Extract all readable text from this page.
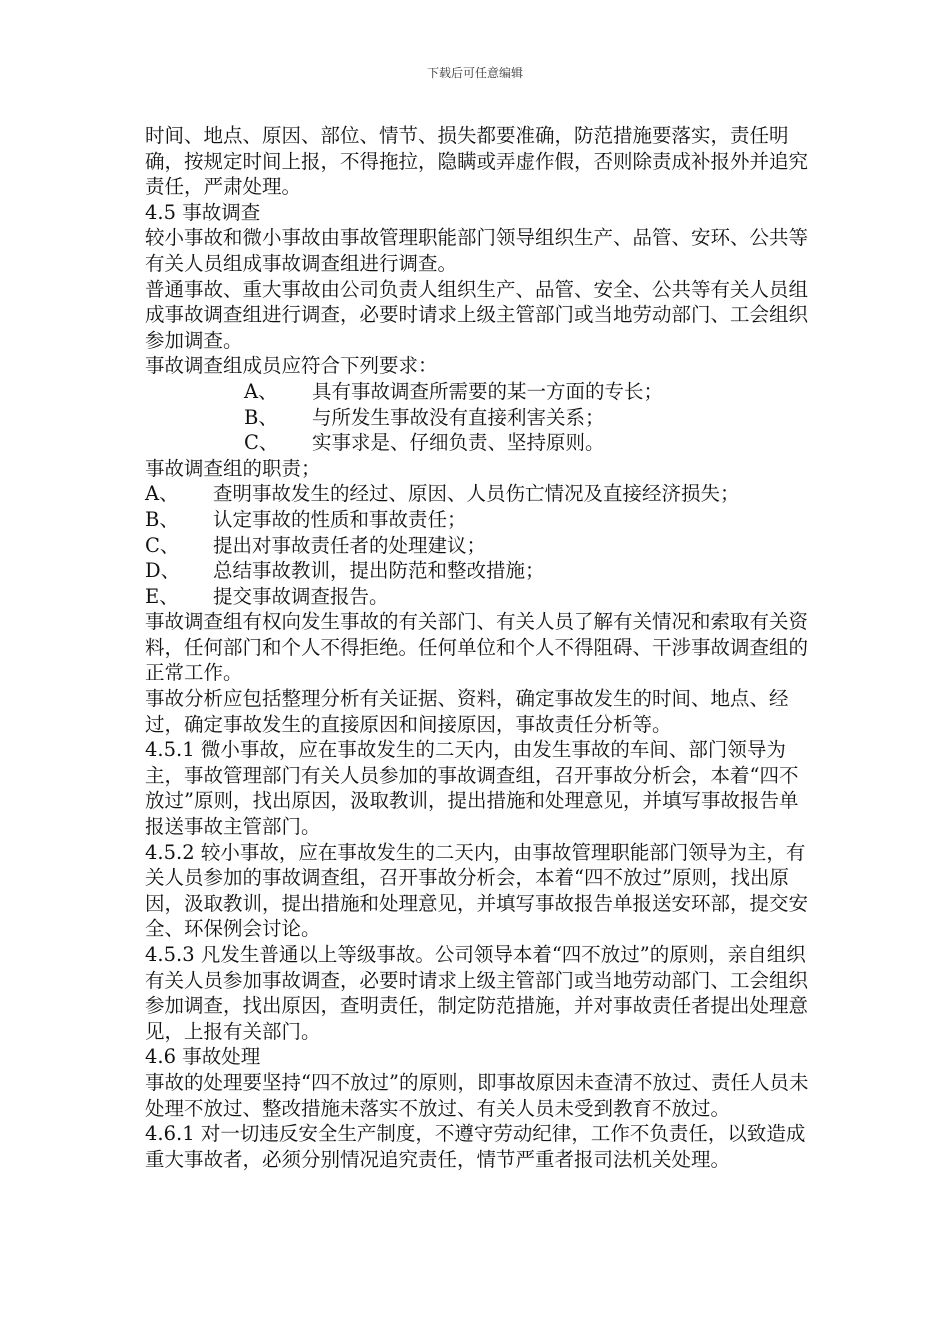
下载后可任意编辑

时间、地点、原因、部位、情节、损失都要准确，防范措施要落实，责任明确，按规定时间上报，不得拖拉，隐瞒或弄虚作假，否则除责成补报外并追究责任，严肃处理。

4.5 事故调查

较小事故和微小事故由事故管理职能部门领导组织生产、品管、安环、公共等有关人员组成事故调查组进行调查。

普通事故、重大事故由公司负责人组织生产、品管、安全、公共等有关人员组成事故调查组进行调查，必要时请求上级主管部门或当地劳动部门、工会组织参加调查。

事故调查组成员应符合下列要求：

A、 具有事故调查所需要的某一方面的专长；

B、 与所发生事故没有直接利害关系；

C、 实事求是、仔细负责、坚持原则。

事故调查组的职责；

A、 查明事故发生的经过、原因、人员伤亡情况及直接经济损失；

B、 认定事故的性质和事故责任；

C、 提出对事故责任者的处理建议；

D、 总结事故教训，提出防范和整改措施；

E、 提交事故调查报告。

事故调查组有权向发生事故的有关部门、有关人员了解有关情况和索取有关资料，任何部门和个人不得拒绝。任何单位和个人不得阻碍、干涉事故调查组的正常工作。

事故分析应包括整理分析有关证据、资料，确定事故发生的时间、地点、经过，确定事故发生的直接原因和间接原因，事故责任分析等。

4.5.1 微小事故，应在事故发生的二天内，由发生事故的车间、部门领导为主，事故管理部门有关人员参加的事故调查组，召开事故分析会，本着“四不放过”原则，找出原因，汲取教训，提出措施和处理意见，并填写事故报告单报送事故主管部门。

4.5.2 较小事故，应在事故发生的二天内，由事故管理职能部门领导为主，有关人员参加的事故调查组，召开事故分析会，本着“四不放过”原则，找出原因，汲取教训，提出措施和处理意见，并填写事故报告单报送安环部，提交安全、环保例会讨论。

4.5.3 凡发生普通以上等级事故。公司领导本着“四不放过”的原则，亲自组织有关人员参加事故调查，必要时请求上级主管部门或当地劳动部门、工会组织参加调查，找出原因，查明责任，制定防范措施，并对事故责任者提出处理意见，上报有关部门。

4.6 事故处理

事故的处理要坚持“四不放过”的原则，即事故原因未查清不放过、责任人员未处理不放过、整改措施未落实不放过、有关人员未受到教育不放过。

4.6.1 对一切违反安全生产制度，不遵守劳动纪律，工作不负责任，以致造成重大事故者，必须分别情况追究责任，情节严重者报司法机关处理。
